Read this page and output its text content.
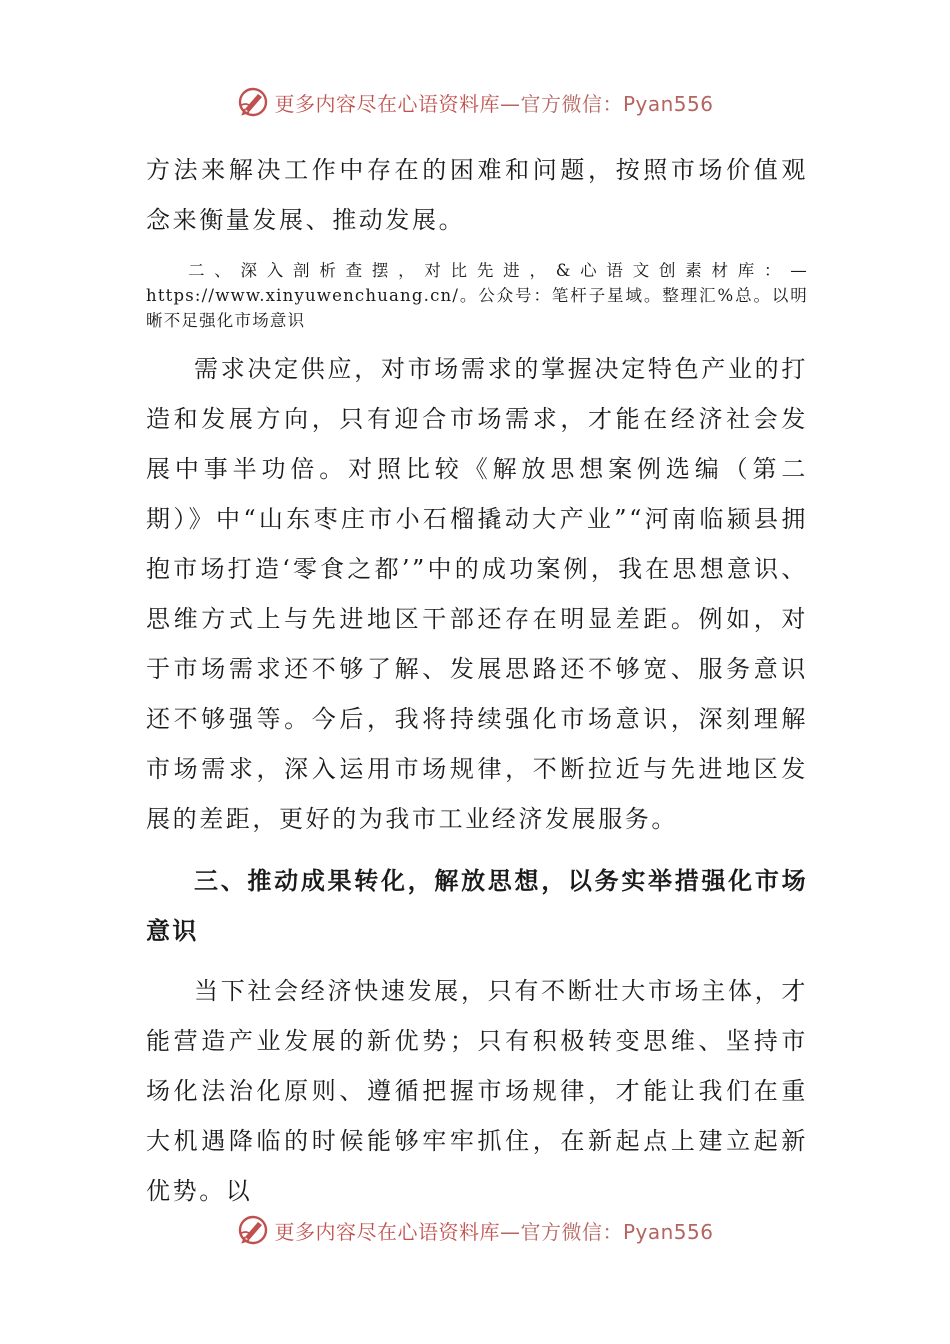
更多内容尽在心语资料库—官方微信：Pyan556

方法来解决工作中存在的困难和问题，按照市场价值观念来衡量发展、推动发展。

二、深入剖析查摆，对比先进，&心语文创素材库：—https://www.xinyuwenchuang.cn/。公众号：笔杆子星域。整理汇%总。以明晰不足强化市场意识

需求决定供应，对市场需求的掌握决定特色产业的打造和发展方向，只有迎合市场需求，才能在经济社会发展中事半功倍。对照比较《解放思想案例选编（第二期）》中“山东枣庄市小石榴撬动大产业”“河南临颍县拥抱市场打造‘零食之都’”中的成功案例，我在思想意识、思维方式上与先进地区干部还存在明显差距。例如，对于市场需求还不够了解、发展思路还不够宽、服务意识还不够强等。今后，我将持续强化市场意识，深刻理解市场需求，深入运用市场规律，不断拉近与先进地区发展的差距，更好的为我市工业经济发展服务。

三、推动成果转化，解放思想，以务实举措强化市场意识

当下社会经济快速发展，只有不断壮大市场主体，才能营造产业发展的新优势；只有积极转变思维、坚持市场化法治化原则、遵循把握市场规律，才能让我们在重大机遇降临的时候能够牢牢抓住，在新起点上建立起新优势。以

更多内容尽在心语资料库—官方微信：Pyan556
